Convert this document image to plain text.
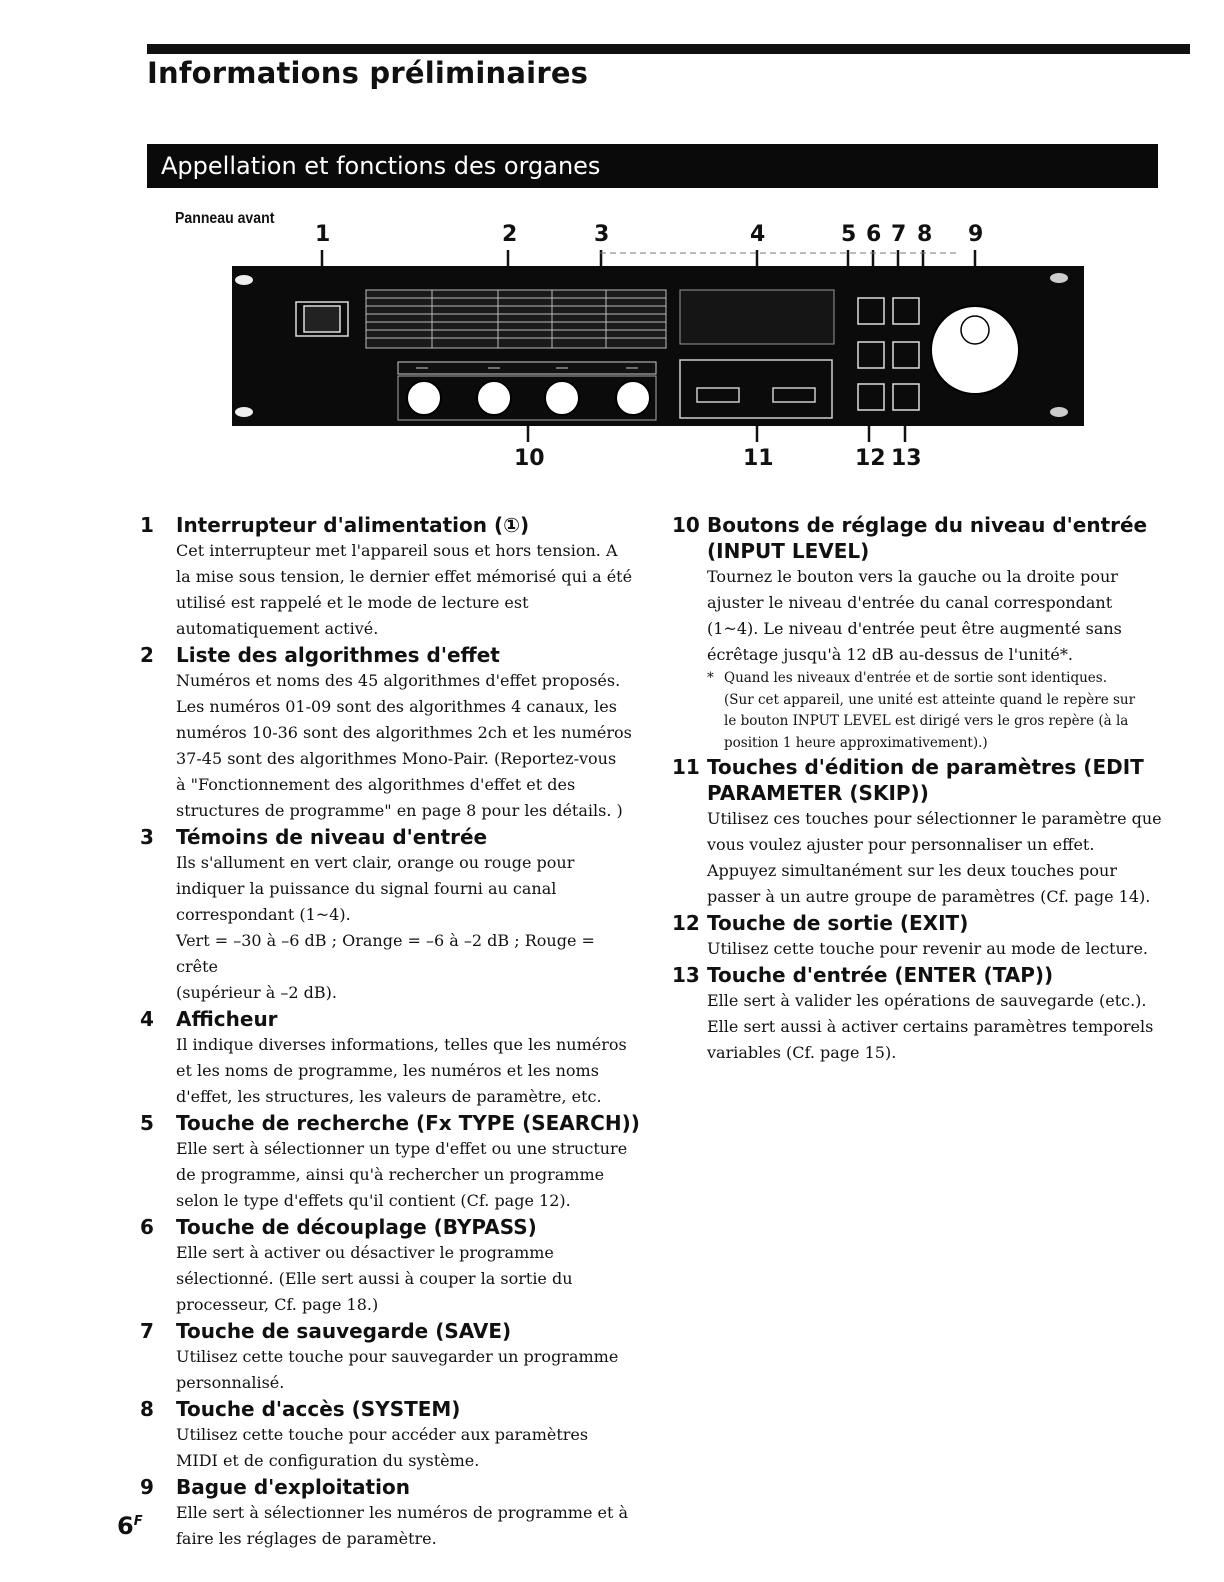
Informations préliminaires
Appellation et fonctions des organes
Panneau avant
1	2	3	4	5 6 7 8 9
10	11	12 13
1	Interrupteur d'alimentation (①)
Cet interrupteur met l'appareil sous et hors tension. A
la mise sous tension, le dernier effet mémorisé qui a été
utilisé est rappelé et le mode de lecture est
automatiquement activé.
2	Liste des algorithmes d'effet
Numéros et noms des 45 algorithmes d'effet proposés.
Les numéros 01-09 sont des algorithmes 4 canaux, les
numéros 10-36 sont des algorithmes 2ch et les numéros
37-45 sont des algorithmes Mono-Pair. (Reportez-vous
à "Fonctionnement des algorithmes d'effet et des
structures de programme" en page 8 pour les détails. )
3	Témoins de niveau d'entrée
Ils s'allument en vert clair, orange ou rouge pour
indiquer la puissance du signal fourni au canal
correspondant (1~4).
Vert = –30 à –6 dB ; Orange = –6 à –2 dB ; Rouge = crête
(supérieur à –2 dB).
4	Afficheur
Il indique diverses informations, telles que les numéros
et les noms de programme, les numéros et les noms
d'effet, les structures, les valeurs de paramètre, etc.
5	Touche de recherche (Fx TYPE (SEARCH))
Elle sert à sélectionner un type d'effet ou une structure
de programme, ainsi qu'à rechercher un programme
selon le type d'effets qu'il contient (Cf. page 12).
6	Touche de découplage (BYPASS)
Elle sert à activer ou désactiver le programme
sélectionné. (Elle sert aussi à couper la sortie du
processeur, Cf. page 18.)
7	Touche de sauvegarde (SAVE)
Utilisez cette touche pour sauvegarder un programme
personnalisé.
8	Touche d'accès (SYSTEM)
Utilisez cette touche pour accéder aux paramètres
MIDI et de configuration du système.
9	Bague d'exploitation
Elle sert à sélectionner les numéros de programme et à
faire les réglages de paramètre.
10 Boutons de réglage du niveau d'entrée (INPUT LEVEL)
Tournez le bouton vers la gauche ou la droite pour
ajuster le niveau d'entrée du canal correspondant
(1~4). Le niveau d'entrée peut être augmenté sans
écrêtage jusqu'à 12 dB au-dessus de l'unité*.
* Quand les niveaux d'entrée et de sortie sont identiques.
(Sur cet appareil, une unité est atteinte quand le repère sur
le bouton INPUT LEVEL est dirigé vers le gros repère (à la
position 1 heure approximativement).)
11 Touches d'édition de paramètres (EDIT PARAMETER (SKIP))
Utilisez ces touches pour sélectionner le paramètre que
vous voulez ajuster pour personnaliser un effet.
Appuyez simultanément sur les deux touches pour
passer à un autre groupe de paramètres (Cf. page 14).
12 Touche de sortie (EXIT)
Utilisez cette touche pour revenir au mode de lecture.
13 Touche d'entrée (ENTER (TAP))
Elle sert à valider les opérations de sauvegarde (etc.).
Elle sert aussi à activer certains paramètres temporels
variables (Cf. page 15).
$6^F$
